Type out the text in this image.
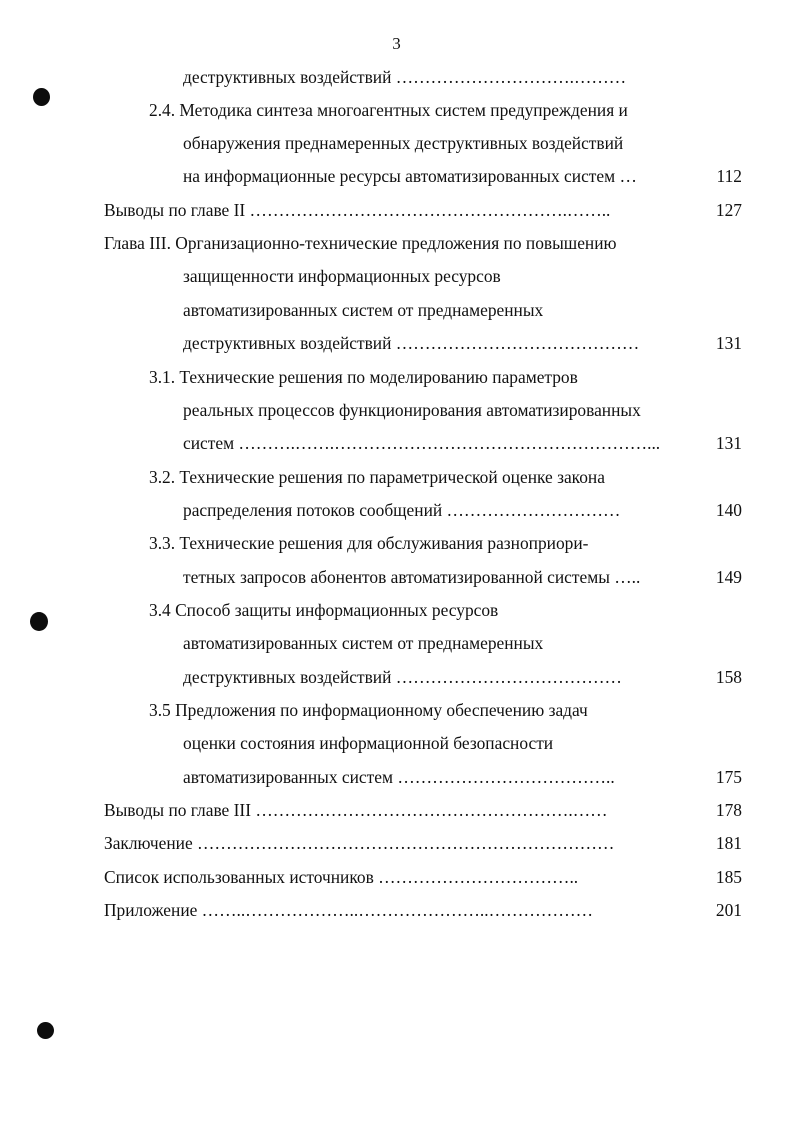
3
деструктивных воздействий ………………………….………
2.4. Методика синтеза многоагентных систем предупреждения и
обнаружения преднамеренных деструктивных воздействий
на информационные ресурсы автоматизированных систем …	112
Выводы по главе II ……………………………………………….……..	127
Глава III. Организационно-технические предложения по повышению
защищенности информационных ресурсов
автоматизированных систем от преднамеренных
деструктивных воздействий ……………………………………	131
3.1. Технические решения по моделированию параметров
реальных процессов функционирования автоматизированных
систем ……….…….………………………………………………...	131
3.2. Технические решения по параметрической оценке закона
распределения потоков сообщений …………………………	140
3.3. Технические решения для обслуживания разноприори-
тетных запросов абонентов автоматизированной системы …..	149
3.4 Способ защиты информационных ресурсов
автоматизированных систем от преднамеренных
деструктивных воздействий …………………………………	158
3.5 Предложения по информационному обеспечению задач
оценки состояния информационной безопасности
автоматизированных систем ………………………………..	175
Выводы по главе III ……………………………………………….……	178
Заключение ………………………………………………………………	181
Список использованных источников ……………………………..	185
Приложение ……..………………..…………………..………………	201
